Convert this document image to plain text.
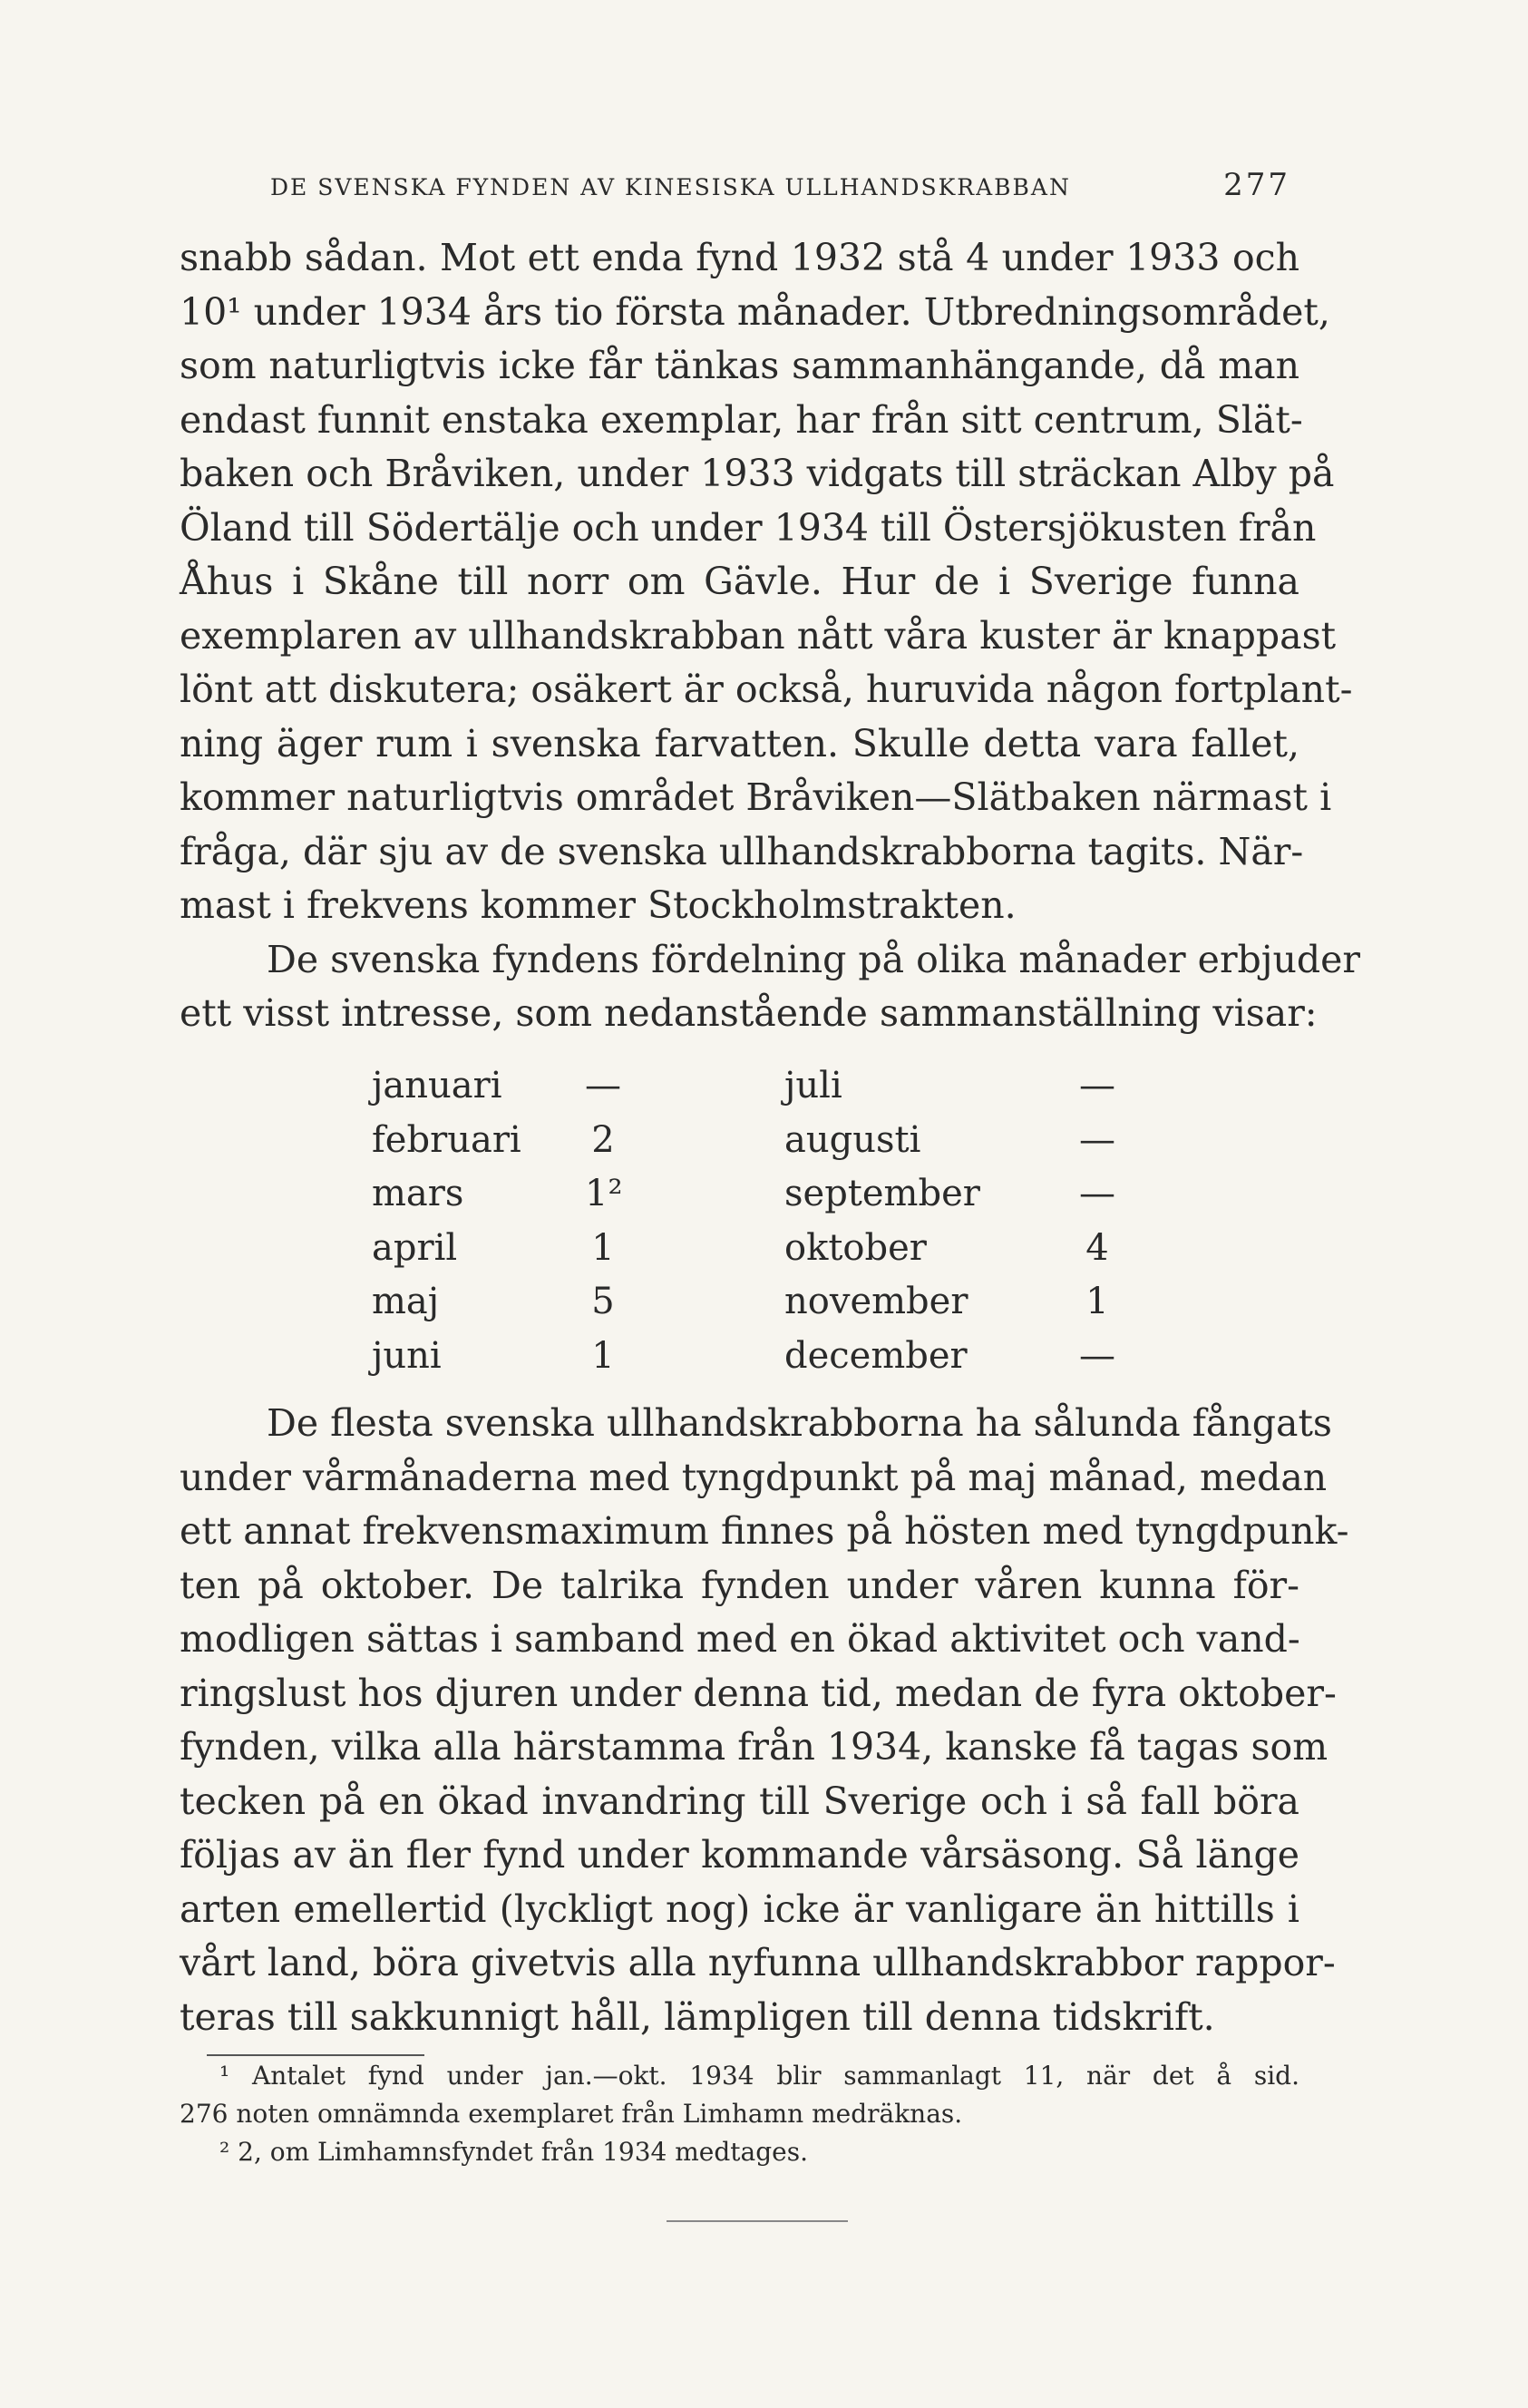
DE SVENSKA FYNDEN AV KINESISKA ULLHANDSKRABBAN	277
snabb sådan. Mot ett enda fynd 1932 stå 4 under 1933 och
10¹ under 1934 års tio första månader. Utbredningsområdet,
som naturligtvis icke får tänkas sammanhängande, då man
endast funnit enstaka exemplar, har från sitt centrum, Slät-
baken och Bråviken, under 1933 vidgats till sträckan Alby på
Öland till Södertälje och under 1934 till Östersjökusten från
Åhus i Skåne till norr om Gävle. Hur de i Sverige funna
exemplaren av ullhandskrabban nått våra kuster är knappast
lönt att diskutera; osäkert är också, huruvida någon fortplant-
ning äger rum i svenska farvatten. Skulle detta vara fallet,
kommer naturligtvis området Bråviken—Slätbaken närmast i
fråga, där sju av de svenska ullhandskrabborna tagits. När-
mast i frekvens kommer Stockholmstrakten.
De svenska fyndens fördelning på olika månader erbjuder
ett visst intresse, som nedanstående sammanställning visar:
januari —	juli	—
februari 2	augusti	—
mars	1²	september	—
april	1	oktober	4
maj	5	november	1
juni	1	december	—
De flesta svenska ullhandskrabborna ha sålunda fångats
under vårmånaderna med tyngdpunkt på maj månad, medan
ett annat frekvensmaximum finnes på hösten med tyngdpunk-
ten på oktober. De talrika fynden under våren kunna för-
modligen sättas i samband med en ökad aktivitet och vand-
ringslust hos djuren under denna tid, medan de fyra oktober-
fynden, vilka alla härstamma från 1934, kanske få tagas som
tecken på en ökad invandring till Sverige och i så fall böra
följas av än fler fynd under kommande vårsäsong. Så länge
arten emellertid (lyckligt nog) icke är vanligare än hittills i
vårt land, böra givetvis alla nyfunna ullhandskrabbor rappor-
teras till sakkunnigt håll, lämpligen till denna tidskrift.
¹ Antalet fynd under jan.—okt. 1934 blir sammanlagt 11, när det å sid.
276 noten omnämnda exemplaret från Limhamn medräknas.
² 2, om Limhamnsfyndet från 1934 medtages.
